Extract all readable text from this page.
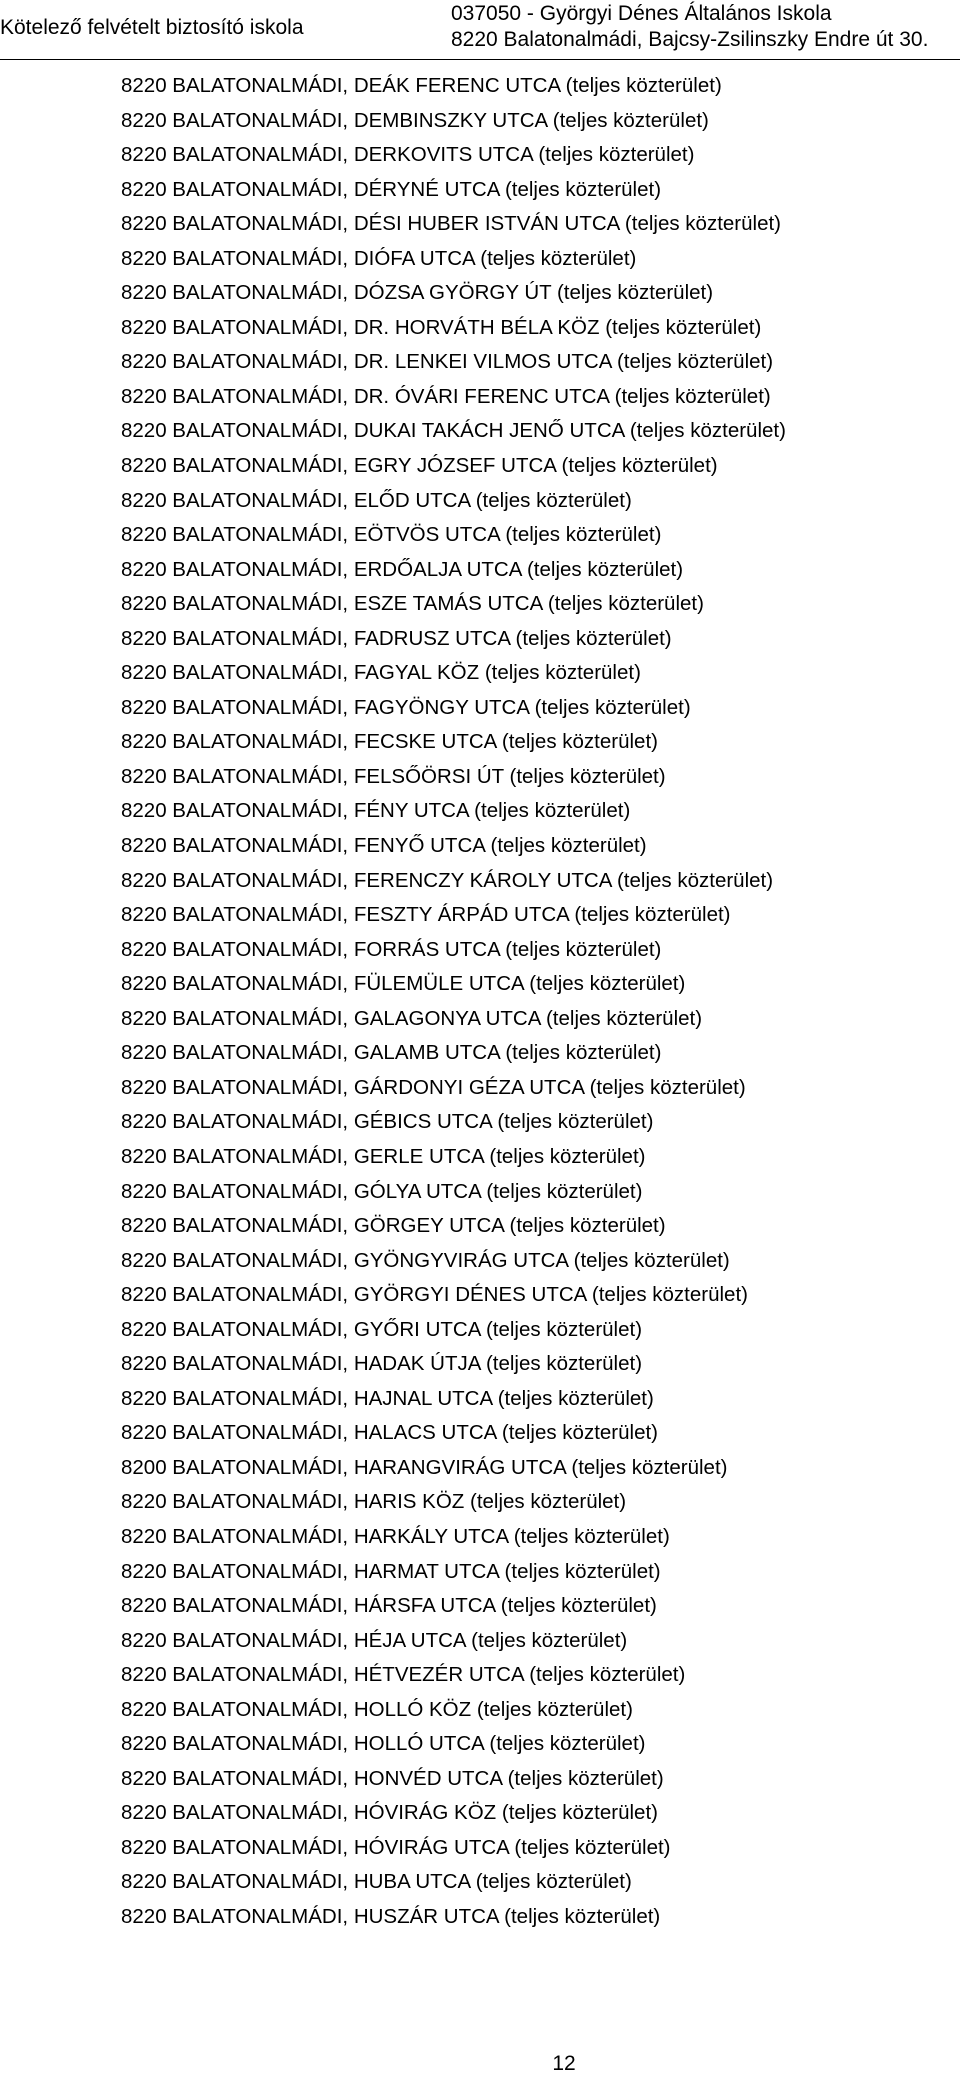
Kötelező felvételt biztosító iskola
037050 - Györgyi Dénes Általános Iskola
8220 Balatonalmádi, Bajcsy-Zsilinszky Endre út 30.
8220 BALATONALMÁDI, DEÁK FERENC UTCA (teljes közterület)
8220 BALATONALMÁDI, DEMBINSZKY UTCA (teljes közterület)
8220 BALATONALMÁDI, DERKOVITS UTCA (teljes közterület)
8220 BALATONALMÁDI, DÉRYNÉ UTCA (teljes közterület)
8220 BALATONALMÁDI, DÉSI HUBER ISTVÁN UTCA (teljes közterület)
8220 BALATONALMÁDI, DIÓFA UTCA (teljes közterület)
8220 BALATONALMÁDI, DÓZSA GYÖRGY ÚT (teljes közterület)
8220 BALATONALMÁDI, DR. HORVÁTH BÉLA KÖZ (teljes közterület)
8220 BALATONALMÁDI, DR. LENKEI VILMOS UTCA (teljes közterület)
8220 BALATONALMÁDI, DR. ÓVÁRI FERENC UTCA (teljes közterület)
8220 BALATONALMÁDI, DUKAI TAKÁCH JENŐ UTCA (teljes közterület)
8220 BALATONALMÁDI, EGRY JÓZSEF UTCA (teljes közterület)
8220 BALATONALMÁDI, ELŐD UTCA (teljes közterület)
8220 BALATONALMÁDI, EÖTVÖS UTCA (teljes közterület)
8220 BALATONALMÁDI, ERDŐALJA UTCA (teljes közterület)
8220 BALATONALMÁDI, ESZE TAMÁS UTCA (teljes közterület)
8220 BALATONALMÁDI, FADRUSZ UTCA (teljes közterület)
8220 BALATONALMÁDI, FAGYAL KÖZ (teljes közterület)
8220 BALATONALMÁDI, FAGYÖNGY UTCA (teljes közterület)
8220 BALATONALMÁDI, FECSKE UTCA (teljes közterület)
8220 BALATONALMÁDI, FELSŐÖRSI ÚT (teljes közterület)
8220 BALATONALMÁDI, FÉNY UTCA (teljes közterület)
8220 BALATONALMÁDI, FENYŐ UTCA (teljes közterület)
8220 BALATONALMÁDI, FERENCZY KÁROLY UTCA (teljes közterület)
8220 BALATONALMÁDI, FESZTY ÁRPÁD UTCA (teljes közterület)
8220 BALATONALMÁDI, FORRÁS UTCA (teljes közterület)
8220 BALATONALMÁDI, FÜLEMÜLE UTCA (teljes közterület)
8220 BALATONALMÁDI, GALAGONYA UTCA (teljes közterület)
8220 BALATONALMÁDI, GALAMB UTCA (teljes közterület)
8220 BALATONALMÁDI, GÁRDONYI GÉZA UTCA (teljes közterület)
8220 BALATONALMÁDI, GÉBICS UTCA (teljes közterület)
8220 BALATONALMÁDI, GERLE UTCA (teljes közterület)
8220 BALATONALMÁDI, GÓLYA UTCA (teljes közterület)
8220 BALATONALMÁDI, GÖRGEY UTCA (teljes közterület)
8220 BALATONALMÁDI, GYÖNGYVIRÁG UTCA (teljes közterület)
8220 BALATONALMÁDI, GYÖRGYI DÉNES UTCA (teljes közterület)
8220 BALATONALMÁDI, GYŐRI UTCA (teljes közterület)
8220 BALATONALMÁDI, HADAK ÚTJA (teljes közterület)
8220 BALATONALMÁDI, HAJNAL UTCA (teljes közterület)
8220 BALATONALMÁDI, HALACS UTCA (teljes közterület)
8200 BALATONALMÁDI, HARANGVIRÁG UTCA (teljes közterület)
8220 BALATONALMÁDI, HARIS KÖZ (teljes közterület)
8220 BALATONALMÁDI, HARKÁLY UTCA (teljes közterület)
8220 BALATONALMÁDI, HARMAT UTCA (teljes közterület)
8220 BALATONALMÁDI, HÁRSFA UTCA (teljes közterület)
8220 BALATONALMÁDI, HÉJA UTCA (teljes közterület)
8220 BALATONALMÁDI, HÉTVEZÉR UTCA (teljes közterület)
8220 BALATONALMÁDI, HOLLÓ KÖZ (teljes közterület)
8220 BALATONALMÁDI, HOLLÓ UTCA (teljes közterület)
8220 BALATONALMÁDI, HONVÉD UTCA (teljes közterület)
8220 BALATONALMÁDI, HÓVIRÁG KÖZ (teljes közterület)
8220 BALATONALMÁDI, HÓVIRÁG UTCA (teljes közterület)
8220 BALATONALMÁDI, HUBA UTCA (teljes közterület)
8220 BALATONALMÁDI, HUSZÁR UTCA (teljes közterület)
12
